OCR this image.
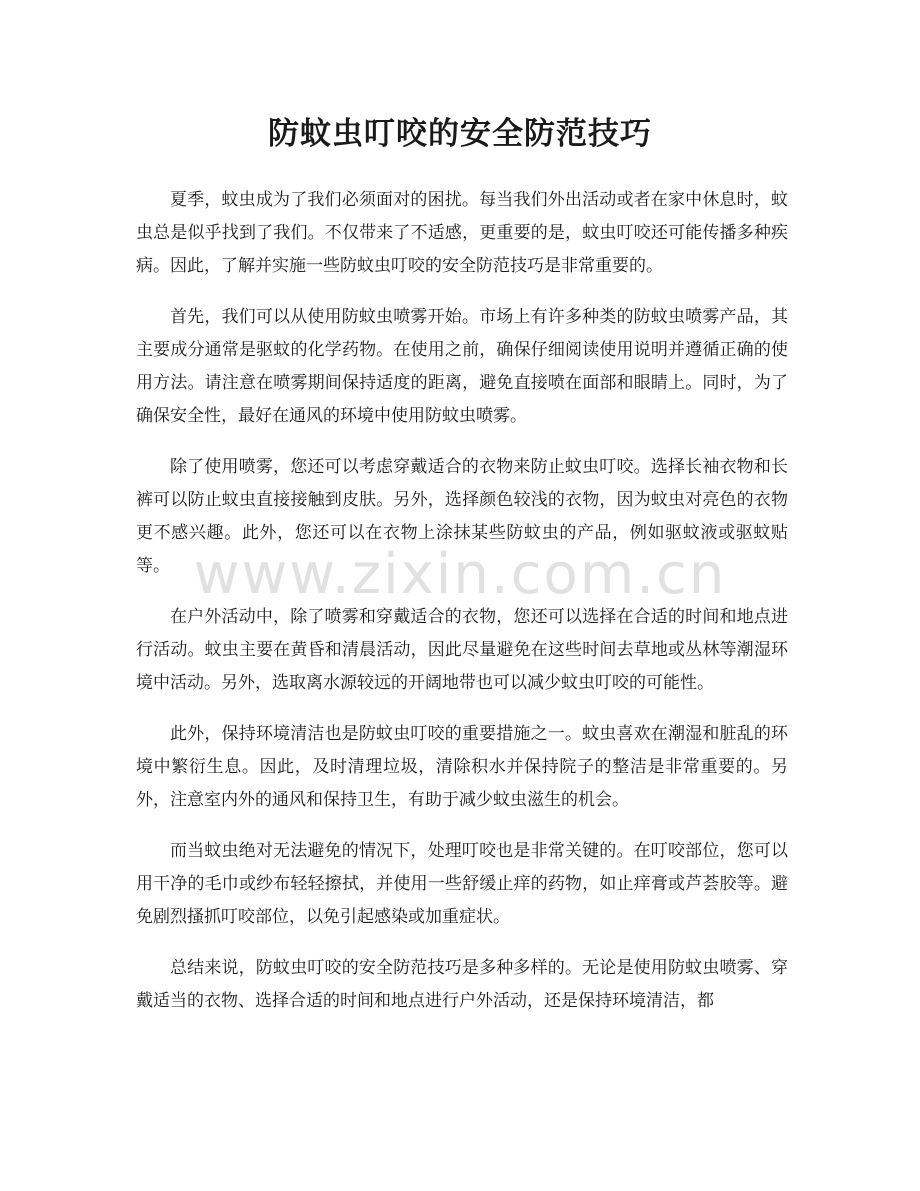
防蚊虫叮咬的安全防范技巧

夏季，蚊虫成为了我们必须面对的困扰。每当我们外出活动或者在家中休息时，蚊虫总是似乎找到了我们。不仅带来了不适感，更重要的是，蚊虫叮咬还可能传播多种疾病。因此，了解并实施一些防蚊虫叮咬的安全防范技巧是非常重要的。

首先，我们可以从使用防蚊虫喷雾开始。市场上有许多种类的防蚊虫喷雾产品，其主要成分通常是驱蚊的化学药物。在使用之前，确保仔细阅读使用说明并遵循正确的使用方法。请注意在喷雾期间保持适度的距离，避免直接喷在面部和眼睛上。同时，为了确保安全性，最好在通风的环境中使用防蚊虫喷雾。

除了使用喷雾，您还可以考虑穿戴适合的衣物来防止蚊虫叮咬。选择长袖衣物和长裤可以防止蚊虫直接接触到皮肤。另外，选择颜色较浅的衣物，因为蚊虫对亮色的衣物更不感兴趣。此外，您还可以在衣物上涂抹某些防蚊虫的产品，例如驱蚊液或驱蚊贴等。

在户外活动中，除了喷雾和穿戴适合的衣物，您还可以选择在合适的时间和地点进行活动。蚊虫主要在黄昏和清晨活动，因此尽量避免在这些时间去草地或丛林等潮湿环境中活动。另外，选取离水源较远的开阔地带也可以减少蚊虫叮咬的可能性。

此外，保持环境清洁也是防蚊虫叮咬的重要措施之一。蚊虫喜欢在潮湿和脏乱的环境中繁衍生息。因此，及时清理垃圾，清除积水并保持院子的整洁是非常重要的。另外，注意室内外的通风和保持卫生，有助于减少蚊虫滋生的机会。

而当蚊虫绝对无法避免的情况下，处理叮咬也是非常关键的。在叮咬部位，您可以用干净的毛巾或纱布轻轻擦拭，并使用一些舒缓止痒的药物，如止痒膏或芦荟胶等。避免剧烈搔抓叮咬部位，以免引起感染或加重症状。

总结来说，防蚊虫叮咬的安全防范技巧是多种多样的。无论是使用防蚊虫喷雾、穿戴适当的衣物、选择合适的时间和地点进行户外活动，还是保持环境清洁，都

www.zixin.com.cn
